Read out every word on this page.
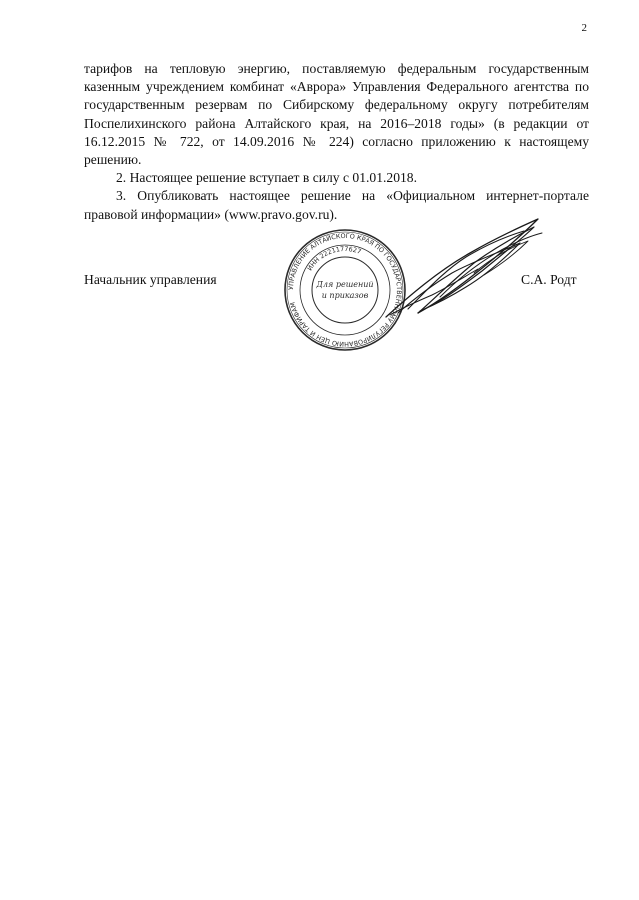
2

тарифов на тепловую энергию, поставляемую федеральным государственным казенным учреждением комбинат «Аврора» Управления Федерального агентства по государственным резервам по Сибирскому федеральному округу потребителям Поспелихинского района Алтайского края, на 2016–2018 годы» (в редакции от 16.12.2015 № 722, от 14.09.2016 № 224) согласно приложению к настоящему решению.

2. Настоящее решение вступает в силу с 01.01.2018.

3. Опубликовать настоящее решение на «Официальном интернет-портале правовой информации» (www.pravo.gov.ru).

Начальник управления
УПРАВЛЕНИЕ АЛТАЙСКОГО КРАЯ ПО ГОСУДАРСТВЕННОМУ РЕГУЛИРОВАНИЮ ЦЕН И ТАРИФАМ
ИНН 2221177627
Для решений
и приказов
С.А. Родт
